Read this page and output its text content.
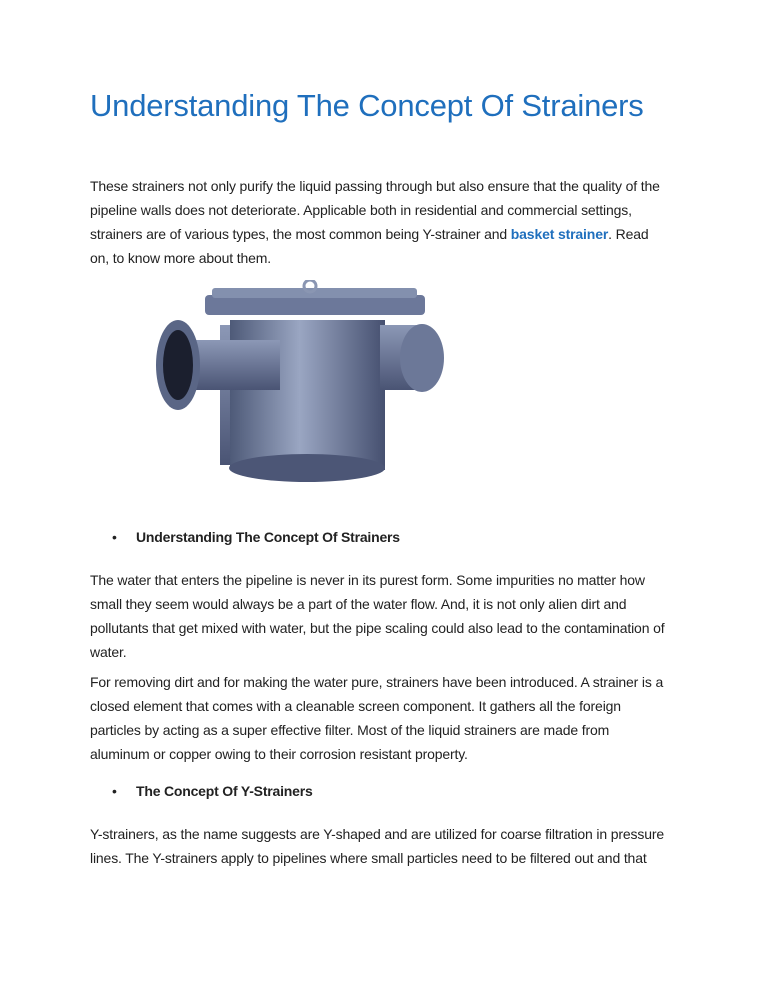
Understanding The Concept Of Strainers
These strainers not only purify the liquid passing through but also ensure that the quality of the
pipeline walls does not deteriorate. Applicable both in residential and commercial settings,
strainers are of various types, the most common being Y-strainer and basket strainer. Read
on, to know more about them.
• Understanding The Concept Of Strainers
The water that enters the pipeline is never in its purest form. Some impurities no matter how
small they seem would always be a part of the water flow. And, it is not only alien dirt and
pollutants that get mixed with water, but the pipe scaling could also lead to the contamination of
water.
For removing dirt and for making the water pure, strainers have been introduced. A strainer is a
closed element that comes with a cleanable screen component. It gathers all the foreign
particles by acting as a super effective filter. Most of the liquid strainers are made from
aluminum or copper owing to their corrosion resistant property.
• The Concept Of Y-Strainers
Y-strainers, as the name suggests are Y-shaped and are utilized for coarse filtration in pressure
lines. The Y-strainers apply to pipelines where small particles need to be filtered out and that
